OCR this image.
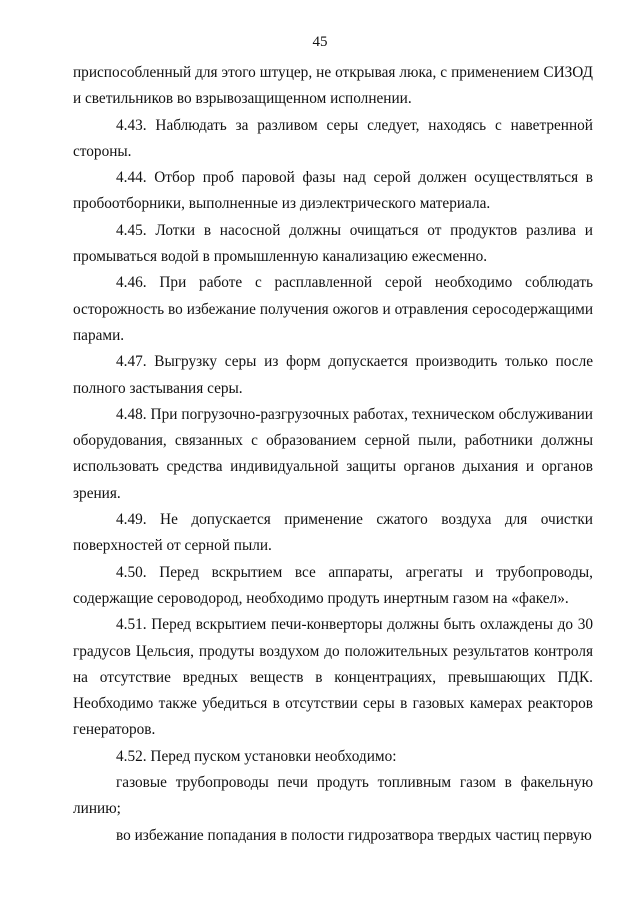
45

приспособленный для этого штуцер, не открывая люка, с применением СИЗОД и светильников во взрывозащищенном исполнении.

4.43. Наблюдать за разливом серы следует, находясь с наветренной стороны.

4.44. Отбор проб паровой фазы над серой должен осуществляться в пробоотборники, выполненные из диэлектрического материала.

4.45. Лотки в насосной должны очищаться от продуктов разлива и промываться водой в промышленную канализацию ежесменно.

4.46. При работе с расплавленной серой необходимо соблюдать осторожность во избежание получения ожогов и отравления серосодержащими парами.

4.47. Выгрузку серы из форм допускается производить только после полного застывания серы.

4.48. При погрузочно-разгрузочных работах, техническом обслуживании оборудования, связанных с образованием серной пыли, работники должны использовать средства индивидуальной защиты органов дыхания и органов зрения.

4.49. Не допускается применение сжатого воздуха для очистки поверхностей от серной пыли.

4.50. Перед вскрытием все аппараты, агрегаты и трубопроводы, содержащие сероводород, необходимо продуть инертным газом на «факел».

4.51. Перед вскрытием печи-конверторы должны быть охлаждены до 30 градусов Цельсия, продуты воздухом до положительных результатов контроля на отсутствие вредных веществ в концентрациях, превышающих ПДК. Необходимо также убедиться в отсутствии серы в газовых камерах реакторов генераторов.

4.52. Перед пуском установки необходимо:

газовые трубопроводы печи продуть топливным газом в факельную линию;

во избежание попадания в полости гидрозатвора твердых частиц первую
